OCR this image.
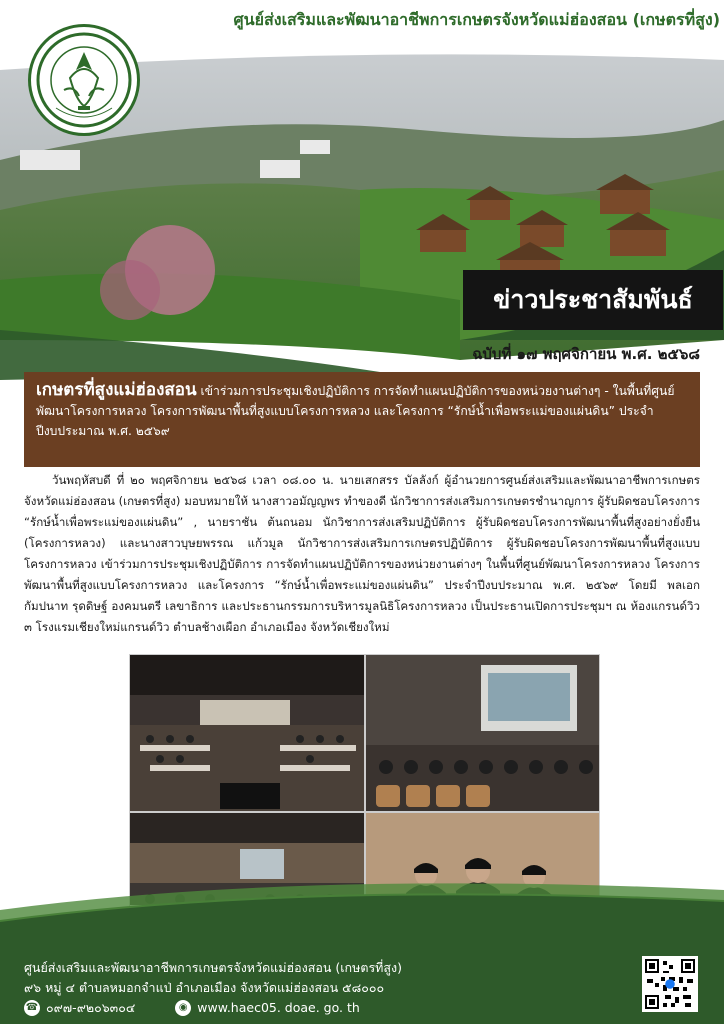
ศูนย์ส่งเสริมและพัฒนาอาชีพการเกษตรจังหวัดแม่ฮ่องสอน (เกษตรที่สูง)
ข่าวประชาสัมพันธ์
ฉบับที่ ๑๗ พฤศจิกายน พ.ศ. ๒๕๖๘
เกษตรที่สูงแม่ฮ่องสอน เข้าร่วมการประชุมเชิงปฏิบัติการ การจัดทำแผนปฏิบัติการของหน่วยงานต่างๆ - ในพื้นที่ศูนย์พัฒนาโครงการหลวง โครงการพัฒนาพื้นที่สูงแบบโครงการหลวง และโครงการ “รักษ์น้ำเพื่อพระแม่ของแผ่นดิน” ประจำปีงบประมาณ พ.ศ. ๒๕๖๙
วันพฤหัสบดี ที่ ๒๐ พฤศจิกายน ๒๕๖๘ เวลา ๐๘.๐๐ น. นายเสกสรร บัลลังก์ ผู้อำนวยการศูนย์ส่งเสริมและพัฒนาอาชีพการเกษตรจังหวัดแม่ฮ่องสอน (เกษตรที่สูง) มอบหมายให้ นางสาวอมัญญพร ทำของดี นักวิชาการส่งเสริมการเกษตรชำนาญการ ผู้รับผิดชอบโครงการ “รักษ์น้ำเพื่อพระแม่ของแผ่นดิน” , นายราชัน ต้นถนอม นักวิชาการส่งเสริมปฏิบัติการ ผู้รับผิดชอบโครงการพัฒนาพื้นที่สูงอย่างยั่งยืน (โครงการหลวง) และนางสาวบุษยพรรณ แก้วมูล นักวิชาการส่งเสริมการเกษตรปฏิบัติการ ผู้รับผิดชอบโครงการพัฒนาพื้นที่สูงแบบโครงการหลวง เข้าร่วมการประชุมเชิงปฏิบัติการ การจัดทำแผนปฏิบัติการของหน่วยงานต่างๆ ในพื้นที่ศูนย์พัฒนาโครงการหลวง โครงการพัฒนาพื้นที่สูงแบบโครงการหลวง และโครงการ “รักษ์น้ำเพื่อพระแม่ของแผ่นดิน” ประจำปีงบประมาณ พ.ศ. ๒๕๖๙ โดยมี พลเอก กัมปนาท รุดดิษฐ์ องคมนตรี เลขาธิการ และประธานกรรมการบริหารมูลนิธิโครงการหลวง เป็นประธานเปิดการประชุมฯ ณ ห้องแกรนด์วิว ๓ โรงแรมเชียงใหม่แกรนด์วิว ตำบลช้างเผือก อำเภอเมือง จังหวัดเชียงใหม่
ศูนย์ส่งเสริมและพัฒนาอาชีพการเกษตรจังหวัดแม่ฮ่องสอน (เกษตรที่สูง)
๙๖ หมู่ ๔ ตำบลหมอกจำแป่ อำเภอเมือง จังหวัดแม่ฮ่องสอน ๕๘๐๐๐
☎ ๐๙๗-๙๒๐๖๓๐๔	◉ www.haec05. doae. go. th
